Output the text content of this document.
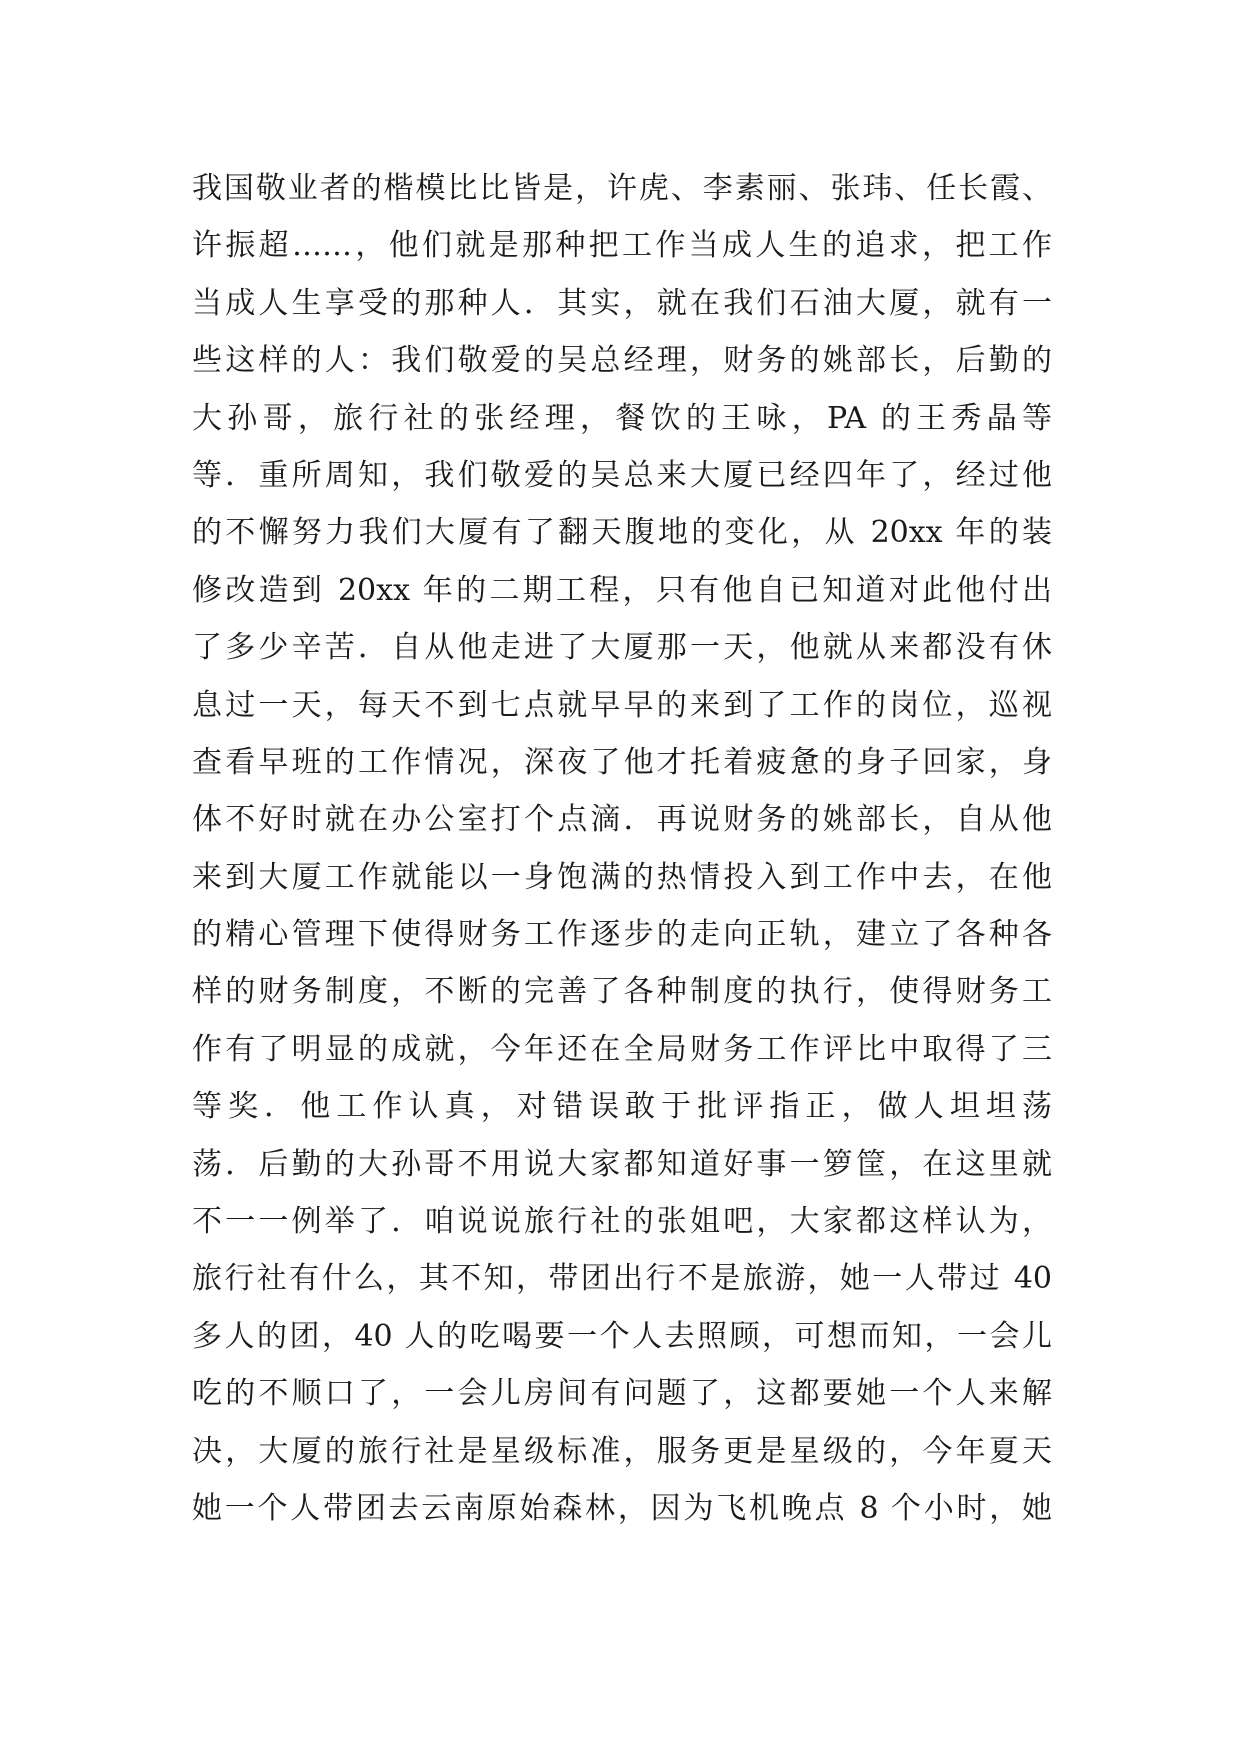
我国敬业者的楷模比比皆是，许虎、李素丽、张玮、任长霞、
许振超……，他们就是那种把工作当成人生的追求，把工作
当成人生享受的那种人．其实，就在我们石油大厦，就有一
些这样的人：我们敬爱的吴总经理，财务的姚部长，后勤的
大孙哥，旅行社的张经理，餐饮的王咏，PA 的王秀晶等
等．重所周知，我们敬爱的吴总来大厦已经四年了，经过他
的不懈努力我们大厦有了翻天腹地的变化，从 20xx 年的装
修改造到 20xx 年的二期工程，只有他自已知道对此他付出
了多少辛苦．自从他走进了大厦那一天，他就从来都没有休
息过一天，每天不到七点就早早的来到了工作的岗位，巡视
查看早班的工作情况，深夜了他才托着疲惫的身子回家，身
体不好时就在办公室打个点滴．再说财务的姚部长，自从他
来到大厦工作就能以一身饱满的热情投入到工作中去，在他
的精心管理下使得财务工作逐步的走向正轨，建立了各种各
样的财务制度，不断的完善了各种制度的执行，使得财务工
作有了明显的成就，今年还在全局财务工作评比中取得了三
等奖．他工作认真，对错误敢于批评指正，做人坦坦荡
荡．后勤的大孙哥不用说大家都知道好事一箩筐，在这里就
不一一例举了．咱说说旅行社的张姐吧，大家都这样认为，
旅行社有什么，其不知，带团出行不是旅游，她一人带过 40
多人的团，40 人的吃喝要一个人去照顾，可想而知，一会儿
吃的不顺口了，一会儿房间有问题了，这都要她一个人来解
决，大厦的旅行社是星级标准，服务更是星级的，今年夏天
她一个人带团去云南原始森林，因为飞机晚点 8 个小时，她
